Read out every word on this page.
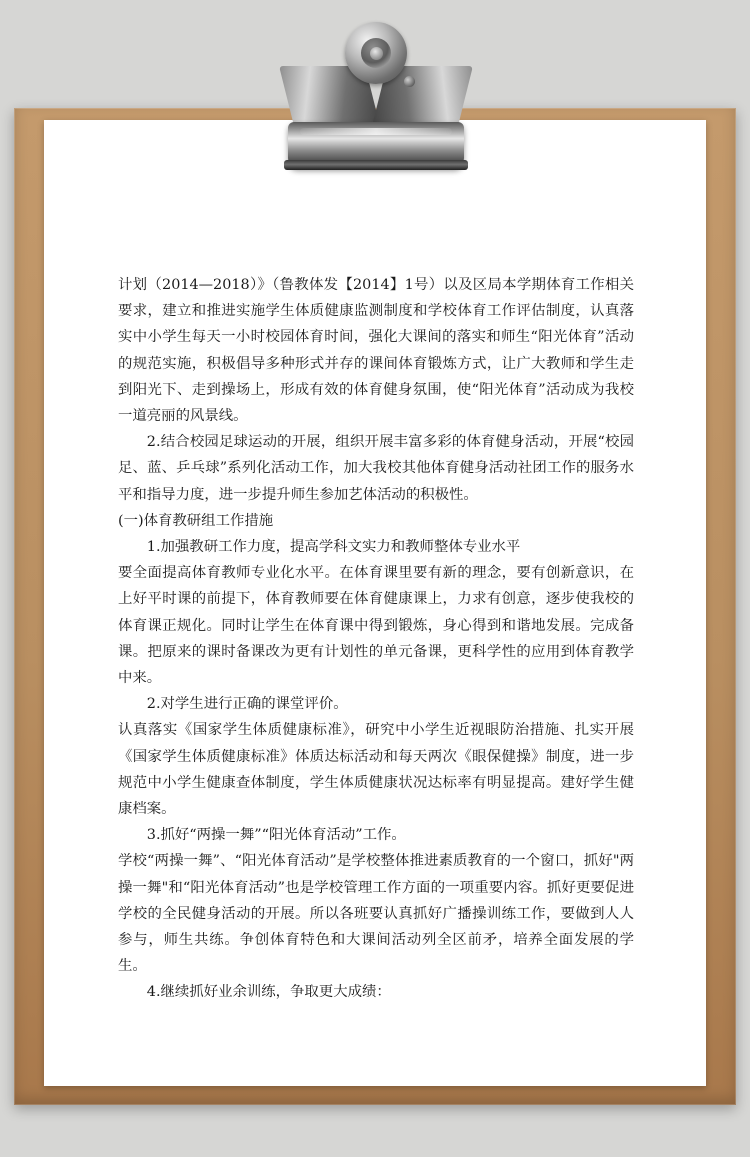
计划（2014—2018）》（鲁教体发【2014】1号）以及区局本学期体育工作相关要求，建立和推进实施学生体质健康监测制度和学校体育工作评估制度，认真落实中小学生每天一小时校园体育时间，强化大课间的落实和师生“阳光体育”活动的规范实施，积极倡导多种形式并存的课间体育锻炼方式，让广大教师和学生走到阳光下、走到操场上，形成有效的体育健身氛围，使“阳光体育”活动成为我校一道亮丽的风景线。

2.结合校园足球运动的开展，组织开展丰富多彩的体育健身活动，开展“校园足、蓝、乒乓球”系列化活动工作，加大我校其他体育健身活动社团工作的服务水平和指导力度，进一步提升师生参加艺体活动的积极性。

(一)体育教研组工作措施

1.加强教研工作力度，提高学科文实力和教师整体专业水平

要全面提高体育教师专业化水平。在体育课里要有新的理念，要有创新意识，在上好平时课的前提下，体育教师要在体育健康课上，力求有创意，逐步使我校的体育课正规化。同时让学生在体育课中得到锻炼，身心得到和谐地发展。完成备课。把原来的课时备课改为更有计划性的单元备课，更科学性的应用到体育教学中来。

2.对学生进行正确的课堂评价。

认真落实《国家学生体质健康标准》，研究中小学生近视眼防治措施、扎实开展《国家学生体质健康标准》体质达标活动和每天两次《眼保健操》制度，进一步规范中小学生健康查体制度，学生体质健康状况达标率有明显提高。建好学生健康档案。

3.抓好“两操一舞”“阳光体育活动”工作。

学校“两操一舞”、“阳光体育活动”是学校整体推进素质教育的一个窗口，抓好"两操一舞"和“阳光体育活动”也是学校管理工作方面的一项重要内容。抓好更要促进学校的全民健身活动的开展。所以各班要认真抓好广播操训练工作，要做到人人参与，师生共练。争创体育特色和大课间活动列全区前矛，培养全面发展的学生。

4.继续抓好业余训练，争取更大成绩：
